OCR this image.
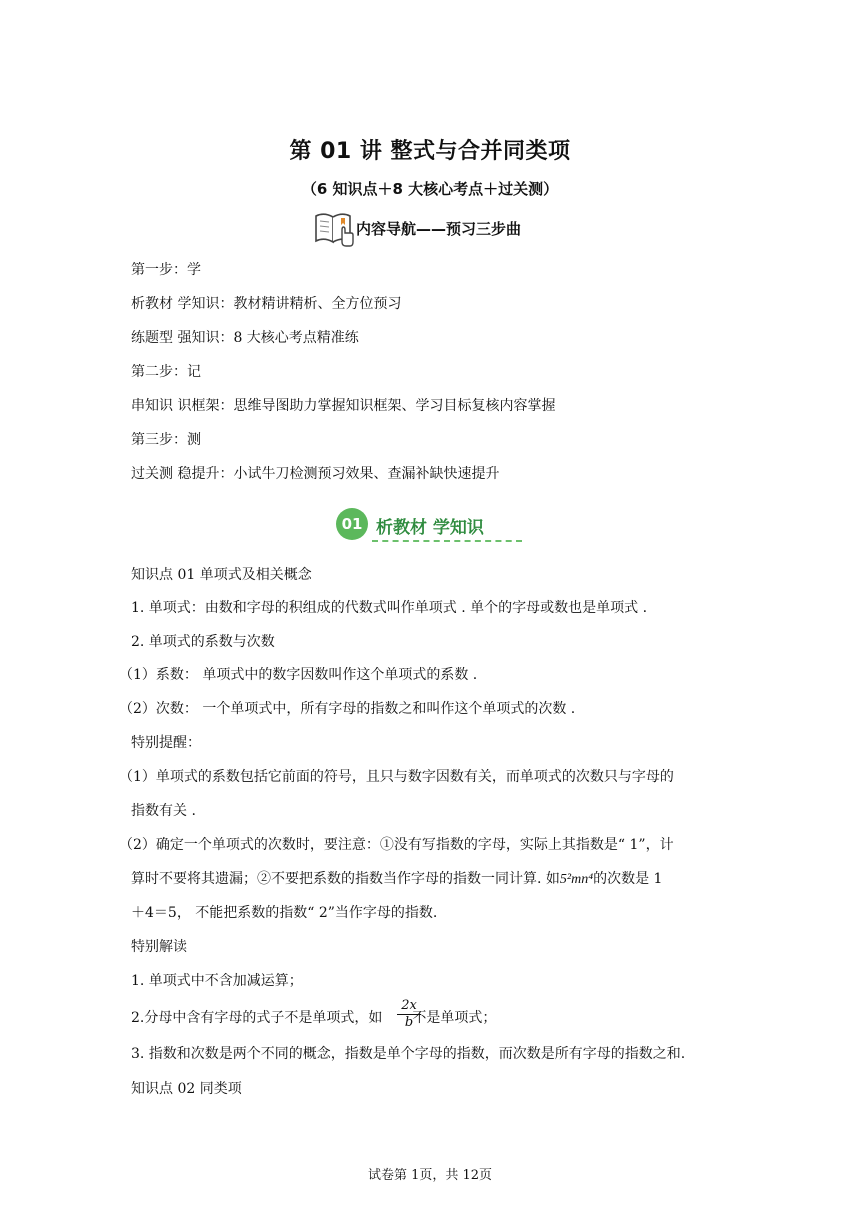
第 01 讲 整式与合并同类项
（6 知识点＋8 大核心考点＋过关测）
内容导航——预习三步曲
第一步：学
析教材 学知识：教材精讲精析、全方位预习
练题型 强知识：8 大核心考点精准练
第二步：记
串知识 识框架：思维导图助力掌握知识框架、学习目标复核内容掌握
第三步：测
过关测 稳提升：小试牛刀检测预习效果、查漏补缺快速提升
01 析教材 学知识
知识点 01 单项式及相关概念
1. 单项式：由数和字母的积组成的代数式叫作单项式 . 单个的字母或数也是单项式 .
2. 单项式的系数与次数
（1）系数： 单项式中的数字因数叫作这个单项式的系数 .
（2）次数： 一个单项式中，所有字母的指数之和叫作这个单项式的次数 .
特别提醒：
（1）单项式的系数包括它前面的符号，且只与数字因数有关，而单项式的次数只与字母的
指数有关 .
（2）确定一个单项式的次数时，要注意：①没有写指数的字母，实际上其指数是“ 1”，计
算时不要将其遗漏；②不要把系数的指数当作字母的指数一同计算. 如5²mn⁴的次数是 1
＋4＝5， 不能把系数的指数“ 2”当作字母的指数.
特别解读
1. 单项式中不含加减运算；
2.分母中含有字母的式子不是单项式，如 不是单项式；
$\frac{2x}{b}$
3. 指数和次数是两个不同的概念，指数是单个字母的指数，而次数是所有字母的指数之和.
知识点 02 同类项
试卷第 1页，共 12页
